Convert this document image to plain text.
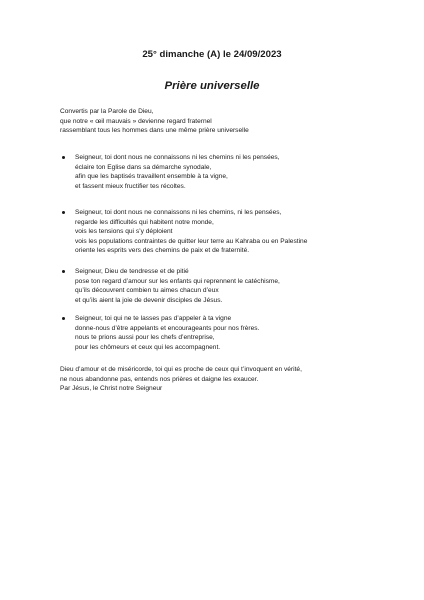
25° dimanche (A) le 24/09/2023
Prière universelle
Convertis par la Parole de Dieu,
que notre « œil mauvais » devienne regard fraternel
rassemblant tous les hommes dans une même prière universelle
Seigneur, toi dont nous ne connaissons ni les chemins ni les pensées,
éclaire ton Eglise dans sa démarche synodale,
afin que les baptisés travaillent ensemble à ta vigne,
et fassent mieux fructifier tes récoltes.
Seigneur, toi dont nous ne connaissons ni les chemins, ni les pensées,
regarde les difficultés qui habitent notre monde,
vois les tensions qui s’y déploient
vois les populations contraintes de quitter leur terre au Kahraba ou en Palestine
oriente les esprits vers des chemins de paix et de fraternité.
Seigneur, Dieu de tendresse et de pitié
pose ton regard d’amour sur les enfants qui reprennent le catéchisme,
qu’ils découvrent combien tu aimes chacun d’eux
et qu’ils aient la joie de devenir disciples de Jésus.
Seigneur, toi qui ne te lasses pas d’appeler à ta vigne
donne-nous d’être appelants et encourageants pour nos frères.
nous te prions aussi pour les chefs d’entreprise,
pour les chômeurs et ceux qui les accompagnent.
Dieu d’amour et de miséricorde, toi qui es proche de ceux qui t’invoquent en vérité,
ne nous abandonne pas, entends nos prières et daigne les exaucer.
Par Jésus, le Christ notre Seigneur
